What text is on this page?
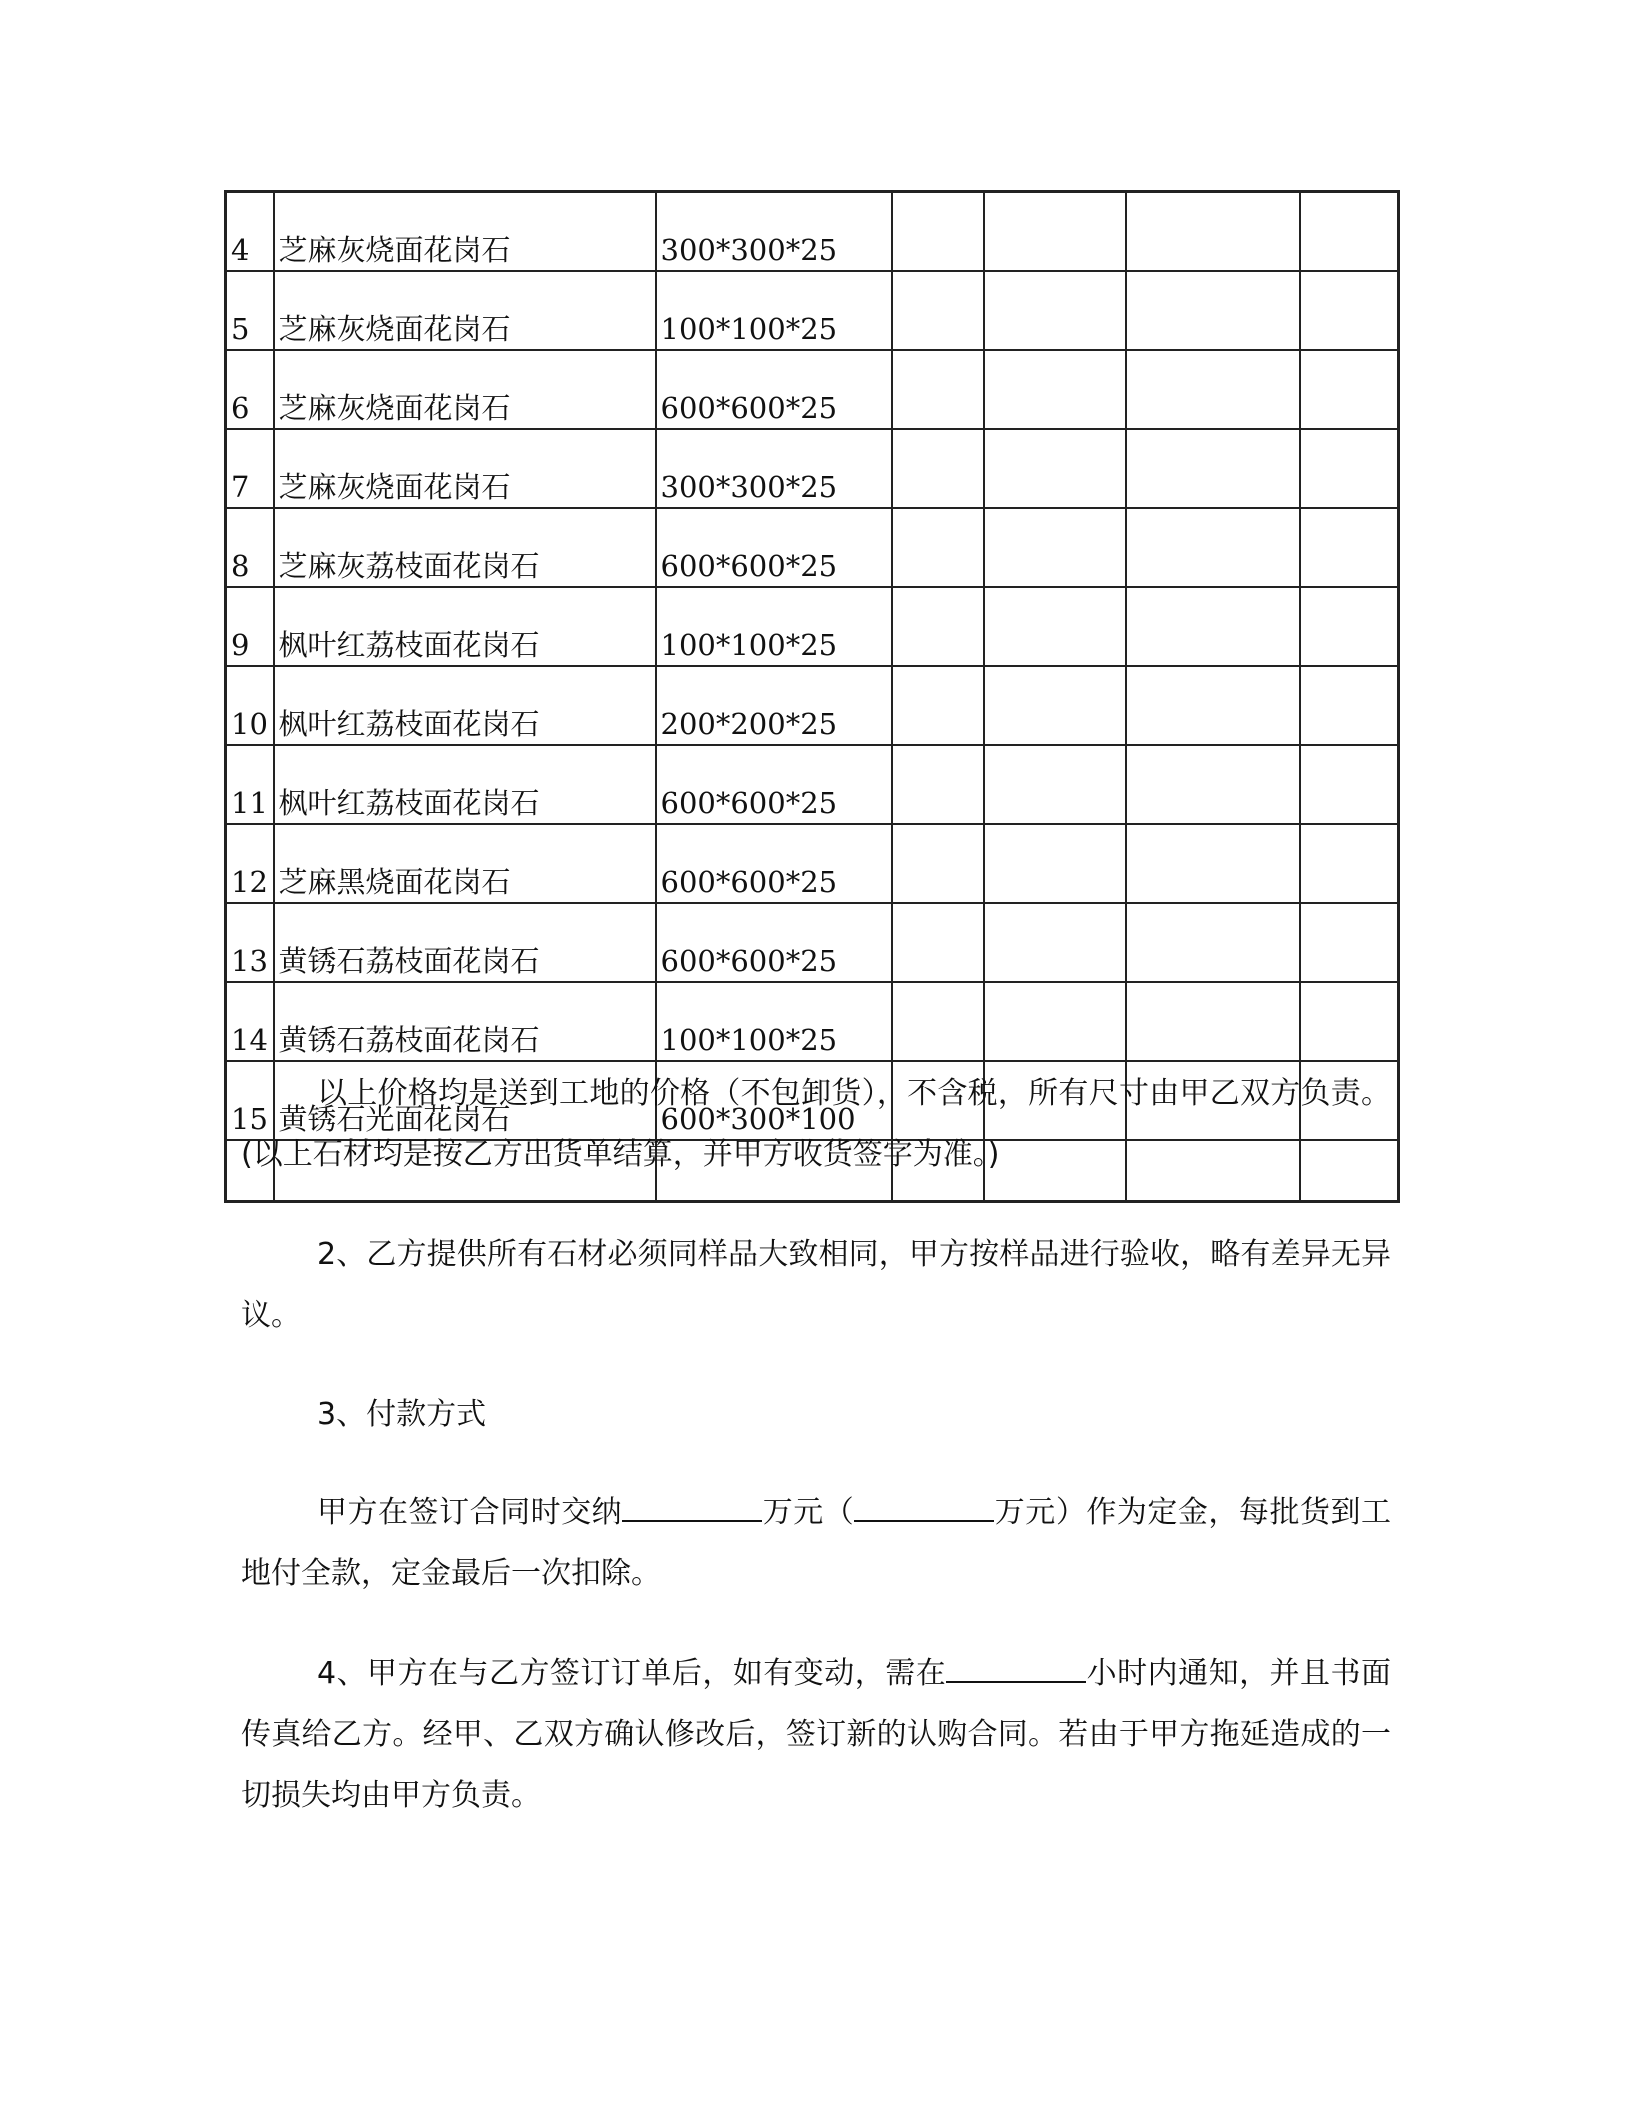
4	芝麻灰烧面花岗石	300*300*25				
5	芝麻灰烧面花岗石	100*100*25				
6	芝麻灰烧面花岗石	600*600*25				
7	芝麻灰烧面花岗石	300*300*25				
8	芝麻灰荔枝面花岗石	600*600*25				
9	枫叶红荔枝面花岗石	100*100*25				
10	枫叶红荔枝面花岗石	200*200*25				
11	枫叶红荔枝面花岗石	600*600*25				
12	芝麻黑烧面花岗石	600*600*25				
13	黄锈石荔枝面花岗石	600*600*25				
14	黄锈石荔枝面花岗石	100*100*25				
15	黄锈石光面花岗石	600*300*100				

以上价格均是送到工地的价格（不包卸货），不含税，所有尺寸由甲乙双方负责。(以上石材均是按乙方出货单结算，并甲方收货签字为准。)

2、乙方提供所有石材必须同样品大致相同，甲方按样品进行验收，略有差异无异议。

3、付款方式

甲方在签订合同时交纳	万元（	万元）作为定金，每批货到工地付全款，定金最后一次扣除。

4、甲方在与乙方签订订单后，如有变动，需在	小时内通知，并且书面传真给乙方。经甲、乙双方确认修改后，签订新的认购合同。若由于甲方拖延造成的一切损失均由甲方负责。
